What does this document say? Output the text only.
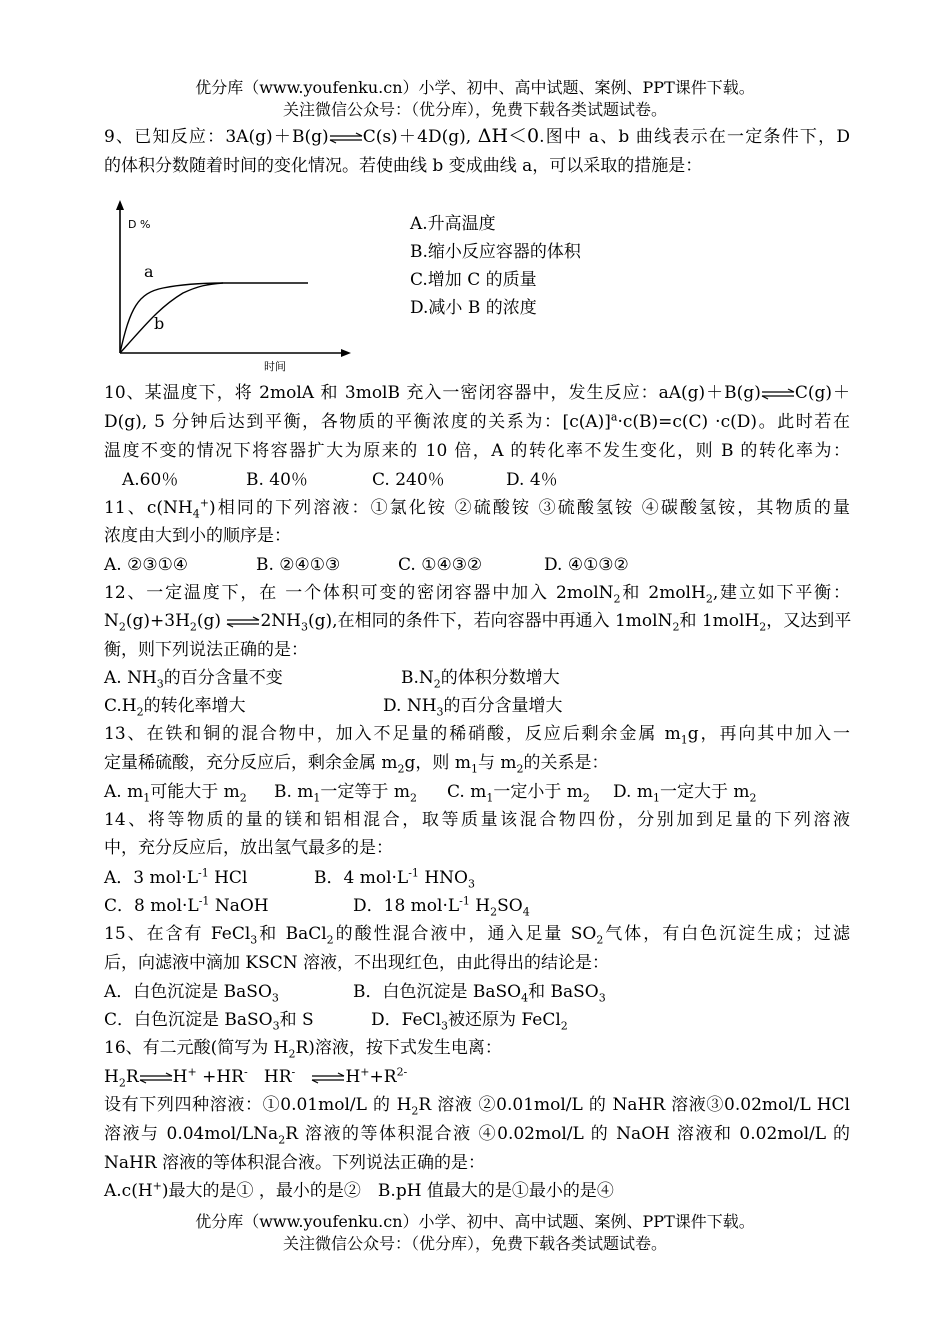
优分库（www.youfenku.cn）小学、初中、高中试题、案例、PPT课件下载。
关注微信公众号：（优分库），免费下载各类试题试卷。
9、已知反应：3A(g)＋B(g)⇌C(s)＋4D(g), ΔH＜0.图中 a、b 曲线表示在一定条件下，D
的体积分数随着时间的变化情况。若使曲线 b 变成曲线 a，可以采取的措施是：
D %
时间
a
b
A.升高温度
B.缩小反应容器的体积
C.增加 C 的质量
D.减小 B 的浓度
10、某温度下，将 2molA 和 3molB 充入一密闭容器中，发生反应：aA(g)＋B(g)⇌C(g)＋
D(g), 5 分钟后达到平衡，各物质的平衡浓度的关系为：$[c(A)]^a\cdot c(B)=c(C) \cdot c(D)$。此时若在
温度不变的情况下将容器扩大为原来的 10 倍，A 的转化率不发生变化，则 B 的转化率为：
A.60％	B. 40％	C. 240％	D. 4％
11、$c(NH_4^+)$相同的下列溶液：①氯化铵 ②硫酸铵 ③硫酸氢铵 ④碳酸氢铵，其物质的量
浓度由大到小的顺序是：
A. ②③①④	B. ②④①③	C. ①④③②	D. ④①③②
12、一定温度下，在 一个体积可变的密闭容器中加入 2molN$_2$和 2molH$_2$,建立如下平衡：
$N_2(g)+3H_2(g)$ $\rightleftharpoons 2NH_3(g)$,在相同的条件下，若向容器中再通入 1molN$_2$和 1molH$_2$，又达到平
衡，则下列说法正确的是：
A. $NH_3$的百分含量不变	$B.N_2$的体积分数增大
$C.H_2$的转化率增大	D. $NH_3$的百分含量增大
13、在铁和铜的混合物中，加入不足量的稀硝酸，反应后剩余金属 $m_1g$，再向其中加入一
定量稀硫酸，充分反应后，剩余金属 $m_2g$，则 $m_1$与 $m_2$的关系是：
A. $m_1$可能大于 $m_2$ B. $m_1$一定等于 $m_2$ C. $m_1$一定小于 $m_2$ D. $m_1$一定大于 $m_2$
14、将等物质的量的镁和铝相混合，取等质量该混合物四份，分别加到足量的下列溶液
中，充分反应后，放出氢气最多的是：
A．3 $mol\cdot L^{-1}$ HCl	B．4 $mol\cdot L^{-1}$ $HNO_3$
C．8 $mol\cdot L^{-1}$ NaOH	D．18 $mol\cdot L^{-1}$ $H_2SO_4$
15、在含有 FeCl$_3$和 BaCl$_2$的酸性混合液中，通入足量 $SO_2$气体，有白色沉淀生成；过滤
后，向滤液中滴加 KSCN 溶液，不出现红色，由此得出的结论是：
A．白色沉淀是 BaSO$_3$	B．白色沉淀是 BaSO$_4$和 BaSO$_3$
C．白色沉淀是 BaSO$_3$和 S	D．FeCl$_3$被还原为 FeCl$_2$
16、有二元酸(简写为 $H_2R$)溶液，按下式发生电离：
$H_2R\rightleftharpoons H^+ +HR^-$ HR- $\rightleftharpoons H^++R^{2-}$
设有下列四种溶液：①0.01mol/L 的 $H_2R$ 溶液 ②0.01mol/L 的 NaHR 溶液③0.02mol/L HCl
溶液与 0.04mol/LNa$_2$R 溶液的等体积混合液 ④0.02mol/L 的 NaOH 溶液和 0.02mol/L 的
NaHR 溶液的等体积混合液。下列说法正确的是：
A.c(H+)最大的是① ，最小的是②　B.pH 值最大的是①最小的是④
优分库（www.youfenku.cn）小学、初中、高中试题、案例、PPT课件下载。
关注微信公众号：（优分库），免费下载各类试题试卷。
